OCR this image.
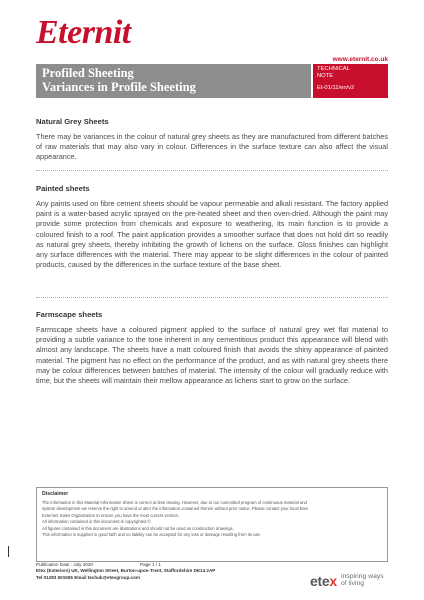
Eternit
www.eternit.co.uk
Profiled Sheeting
Variances in Profile Sheeting
TECHNICAL
NOTE
Et-01/11/en/v2
Natural Grey Sheets

There may be variances in the colour of natural grey sheets as they are manufactured from different batches of raw materials that may also vary in colour. Differences in the surface texture can also affect the visual appearance.

Painted sheets

Any paints used on fibre cement sheets should be vapour permeable and alkali resistant. The factory applied paint is a water-based acrylic sprayed on the pre-heated sheet and then oven-dried. Although the paint may provide some protection from chemicals and exposure to weathering, its main function is to provide a coloured finish to a roof. The paint application provides a smoother surface that does not hold dirt so readily as natural grey sheets, thereby inhibiting the growth of lichens on the surface. Gloss finishes can highlight any surface differences with the material. There may appear to be slight differences in the colour of painted products, caused by the differences in the surface texture of the base sheet.

Farmscape sheets

Farmscape sheets have a coloured pigment applied to the surface of natural grey wet flat material to providing a subtle variance to the tone inherent in any cementitious product this appearance will blend with almost any landscape. The sheets have a matt coloured finish that avoids the shiny appearance of painted material. The pigment has no effect on the performance of the product, and as with natural grey sheets there may be colour differences between batches of material. The intensity of the colour will gradually reduce with time, but the sheets will maintain their mellow appearance as lichens start to grow on the surface.

Disclaimer
The information in this Material Information Sheet is correct at time issuing. However, due to our committed program of continuous material and
system development we reserve the right to amend or alter the information contained therein without prior notice. Please contact your local Etex
Exteriors Sales Organization to ensure you have the most current version.
All information contained in this document is copyrighted ©.
All figures contained in this document are illustrations and should not be used as construction drawings.
This information is supplied in good faith and no liability can be accepted for any loss or damage resulting from its use.
Publication Date : July 2020	Page 1 / 1
Etex (Exteriors) UK, Wellington Street, Burton-upon-Trent, Staffordshire DE14 2AP
Tel 01283 501555 Email techuk@etexgroup.com	etex inspiring ways
of living
